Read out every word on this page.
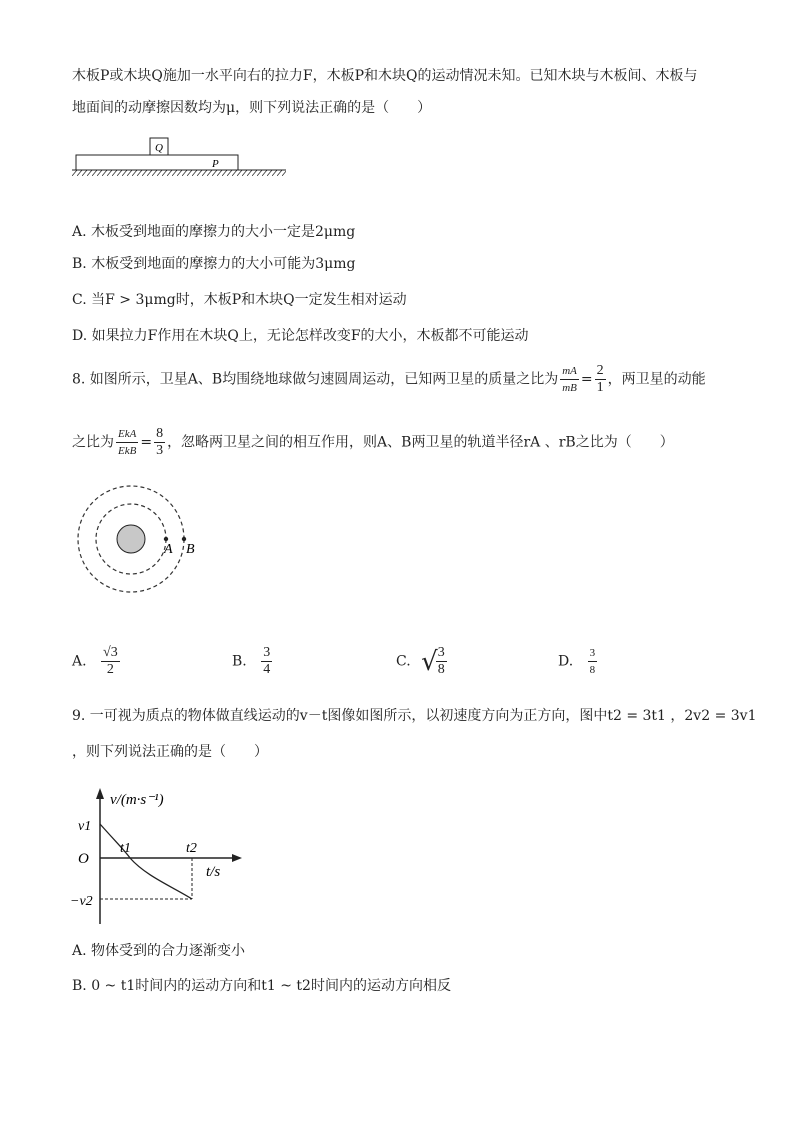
木板P或木块Q施加一水平向右的拉力F，木板P和木块Q的运动情况未知。已知木块与木板间、木板与
地面间的动摩擦因数均为μ，则下列说法正确的是（　　）
Q
P
A. 木板受到地面的摩擦力的大小一定是2μmg
B. 木板受到地面的摩擦力的大小可能为3μmg
C. 当F > 3μmg时，木板P和木块Q一定发生相对运动
D. 如果拉力F作用在木块Q上，无论怎样改变F的大小，木板都不可能运动
8. 如图所示，卫星A、B均围绕地球做匀速圆周运动，已知两卫星的质量之比为 $\frac{mA}{mB} = \frac{2}{1}$ ，两卫星的动能
之比为 $\frac{\text{EkA}}{\text{EkB}} = \frac{8}{3}$ ，忽略两卫星之间的相互作用，则A、B两卫星的轨道半径rA 、rB之比为（　　）
A B
A. $\frac{√3}{2}$	B. $\frac{3}{4}$	C. √
$\frac{3}{8}$	D. $\frac{3}{8}$
9. 一可视为质点的物体做直线运动的v－t图像如图所示，以初速度方向为正方向，图中t2 = 3t1 ，2v2 = 3v1
，则下列说法正确的是（　　）
v/(m·s⁻¹)
v1
O
t1	t2
t/s
−v2
A. 物体受到的合力逐渐变小
B. 0 ~ t1时间内的运动方向和t1 ~ t2时间内的运动方向相反
